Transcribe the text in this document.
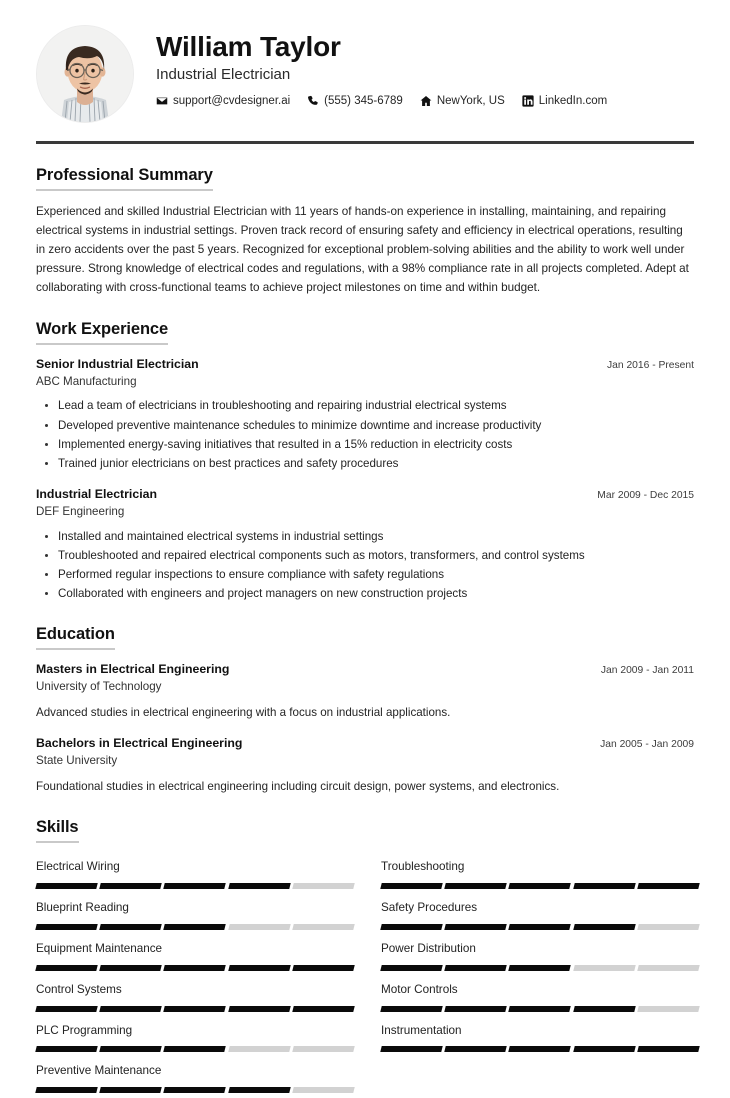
William Taylor
Industrial Electrician
support@cvdesigner.ai	(555) 345-6789	NewYork, US	LinkedIn.com
Professional Summary
Experienced and skilled Industrial Electrician with 11 years of hands-on experience in installing, maintaining, and repairing electrical systems in industrial settings. Proven track record of ensuring safety and efficiency in electrical operations, resulting in zero accidents over the past 5 years. Recognized for exceptional problem-solving abilities and the ability to work well under pressure. Strong knowledge of electrical codes and regulations, with a 98% compliance rate in all projects completed. Adept at collaborating with cross-functional teams to achieve project milestones on time and within budget.
Work Experience
Senior Industrial Electrician	Jan 2016 - Present
ABC Manufacturing
Lead a team of electricians in troubleshooting and repairing industrial electrical systems
Developed preventive maintenance schedules to minimize downtime and increase productivity
Implemented energy-saving initiatives that resulted in a 15% reduction in electricity costs
Trained junior electricians on best practices and safety procedures
Industrial Electrician	Mar 2009 - Dec 2015
DEF Engineering
Installed and maintained electrical systems in industrial settings
Troubleshooted and repaired electrical components such as motors, transformers, and control systems
Performed regular inspections to ensure compliance with safety regulations
Collaborated with engineers and project managers on new construction projects
Education
Masters in Electrical Engineering	Jan 2009 - Jan 2011
University of Technology
Advanced studies in electrical engineering with a focus on industrial applications.
Bachelors in Electrical Engineering	Jan 2005 - Jan 2009
State University
Foundational studies in electrical engineering including circuit design, power systems, and electronics.
Skills
Electrical Wiring	Troubleshooting
Blueprint Reading	Safety Procedures
Equipment Maintenance	Power Distribution
Control Systems	Motor Controls
PLC Programming	Instrumentation
Preventive Maintenance
